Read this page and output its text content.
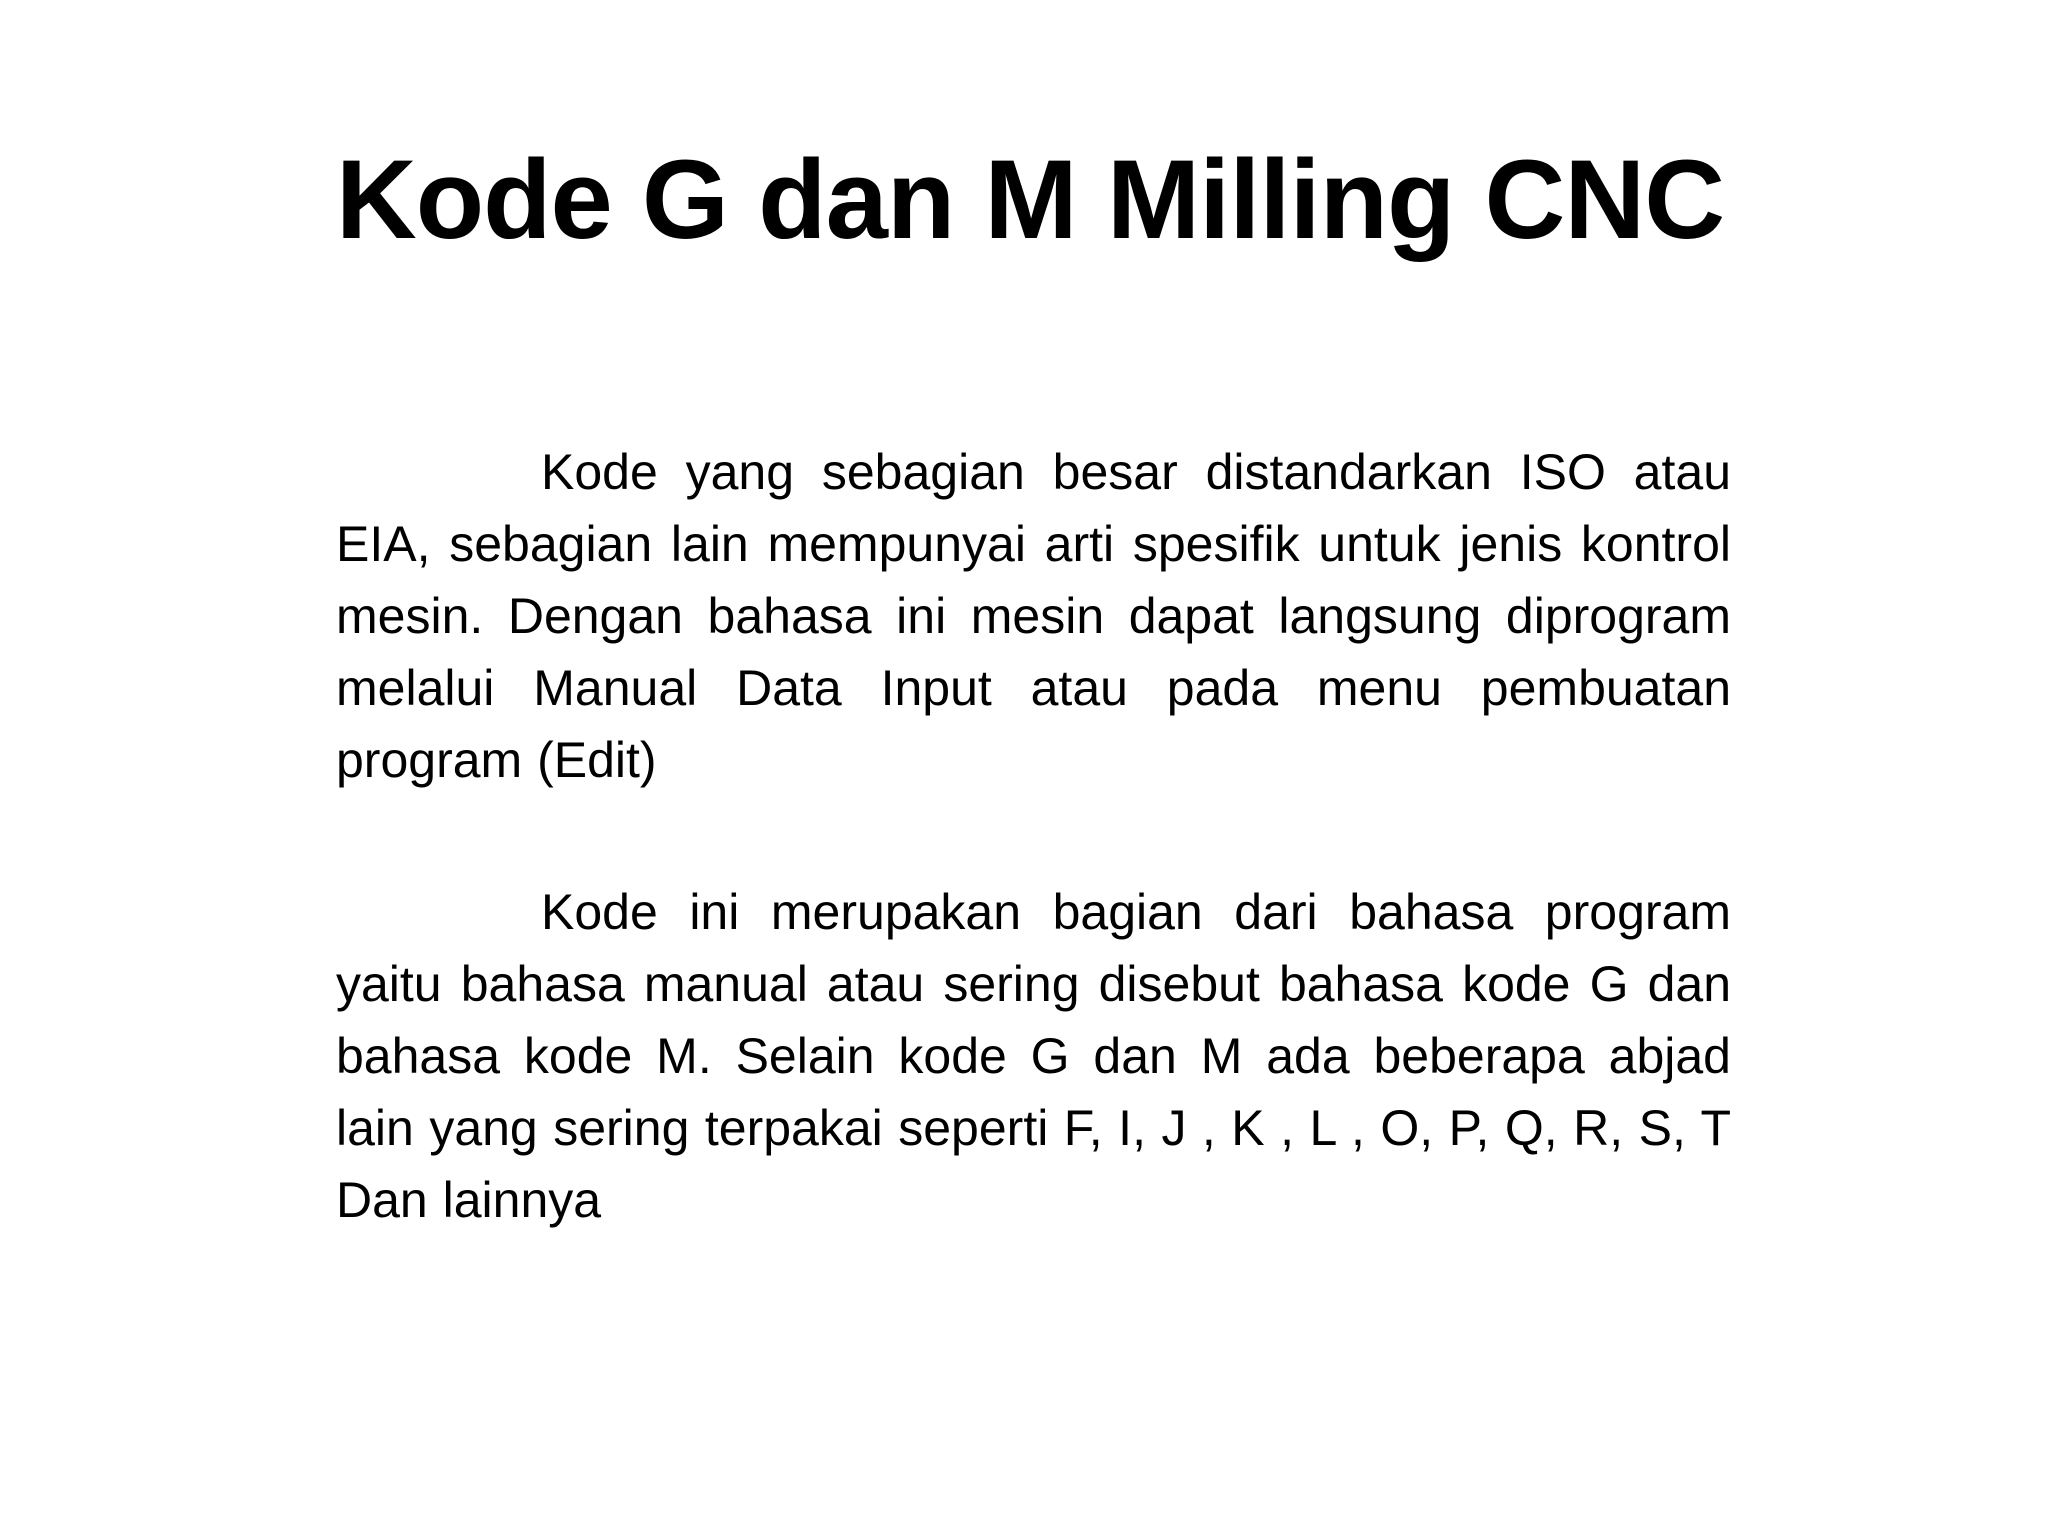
Kode G dan M Milling CNC

Kode yang sebagian besar distandarkan ISO atau EIA, sebagian lain mempunyai arti spesifik untuk jenis kontrol mesin. Dengan bahasa ini mesin dapat langsung diprogram melalui Manual Data Input atau pada menu pembuatan program (Edit)

Kode ini merupakan bagian dari bahasa program yaitu bahasa manual atau sering disebut bahasa kode G dan bahasa kode M. Selain kode G dan M ada beberapa abjad lain yang sering terpakai seperti F, I, J , K , L , O, P, Q, R, S, T Dan lainnya
